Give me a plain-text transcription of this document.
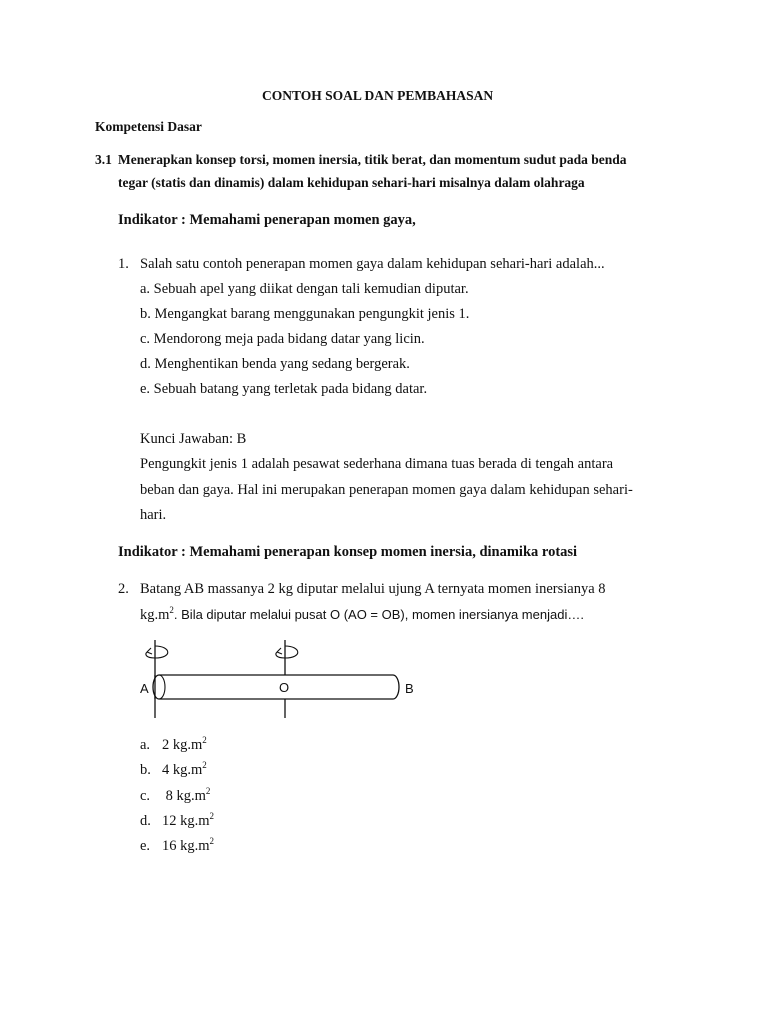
CONTOH SOAL DAN PEMBAHASAN
Kompetensi Dasar
3.1 Menerapkan konsep torsi, momen inersia, titik berat, dan momentum sudut pada benda
tegar (statis dan dinamis) dalam kehidupan sehari-hari misalnya dalam olahraga
Indikator : Memahami penerapan momen gaya,
1. Salah satu contoh penerapan momen gaya dalam kehidupan sehari-hari adalah...
a. Sebuah apel yang diikat dengan tali kemudian diputar.
b. Mengangkat barang menggunakan pengungkit jenis 1.
c. Mendorong meja pada bidang datar yang licin.
d. Menghentikan benda yang sedang bergerak.
e. Sebuah batang yang terletak pada bidang datar.
Kunci Jawaban: B
Pengungkit jenis 1 adalah pesawat sederhana dimana tuas berada di tengah antara
beban dan gaya. Hal ini merupakan penerapan momen gaya dalam kehidupan sehari-
hari.
Indikator : Memahami penerapan konsep momen inersia, dinamika rotasi
2. Batang AB massanya 2 kg diputar melalui ujung A ternyata momen inersianya 8
$kg.m^2$. Bila diputar melalui pusat O (AO = OB), momen inersianya menjadi….
A	O	B
a. 2 $kg.m^2$
b. 4 $kg.m^2$
c. 8 $kg.m^2$
d. 12 $kg.m^2$
e. 16 $kg.m^2$
